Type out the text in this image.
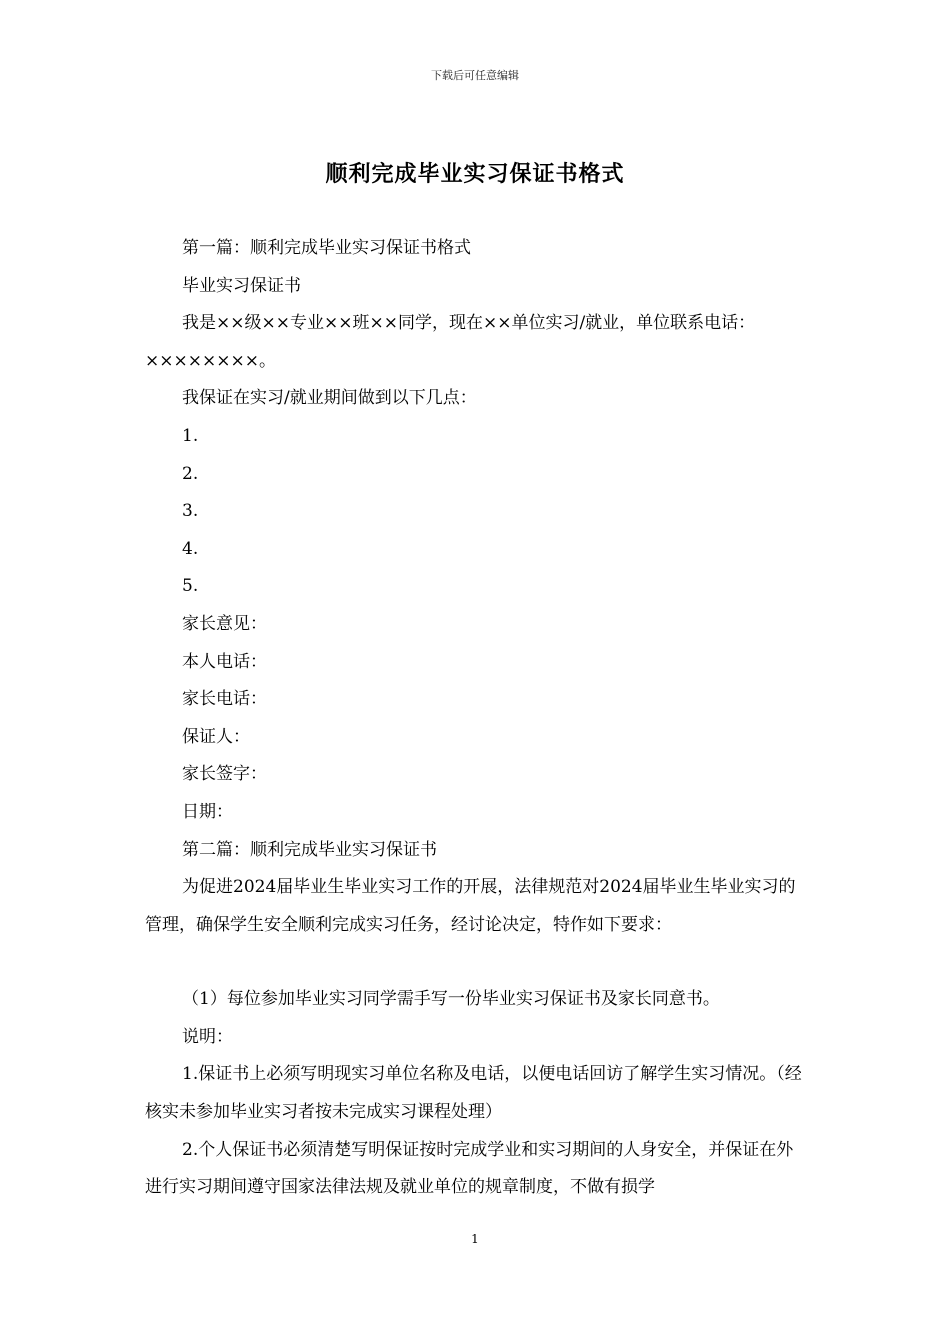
下载后可任意编辑
顺利完成毕业实习保证书格式

第一篇：顺利完成毕业实习保证书格式

毕业实习保证书

我是××级××专业××班××同学，现在××单位实习/就业，单位联系电话：××××××××。

我保证在实习/就业期间做到以下几点：

1.

2.

3.

4.

5.

家长意见：

本人电话：

家长电话：

保证人：

家长签字：

日期：

第二篇：顺利完成毕业实习保证书

为促进2024届毕业生毕业实习工作的开展，法律规范对2024届毕业生毕业实习的管理，确保学生安全顺利完成实习任务，经讨论决定，特作如下要求：

（1）每位参加毕业实习同学需手写一份毕业实习保证书及家长同意书。

说明：

1.保证书上必须写明现实习单位名称及电话，以便电话回访了解学生实习情况。（经核实未参加毕业实习者按未完成实习课程处理）

2.个人保证书必须清楚写明保证按时完成学业和实习期间的人身安全，并保证在外进行实习期间遵守国家法律法规及就业单位的规章制度，不做有损学

1
